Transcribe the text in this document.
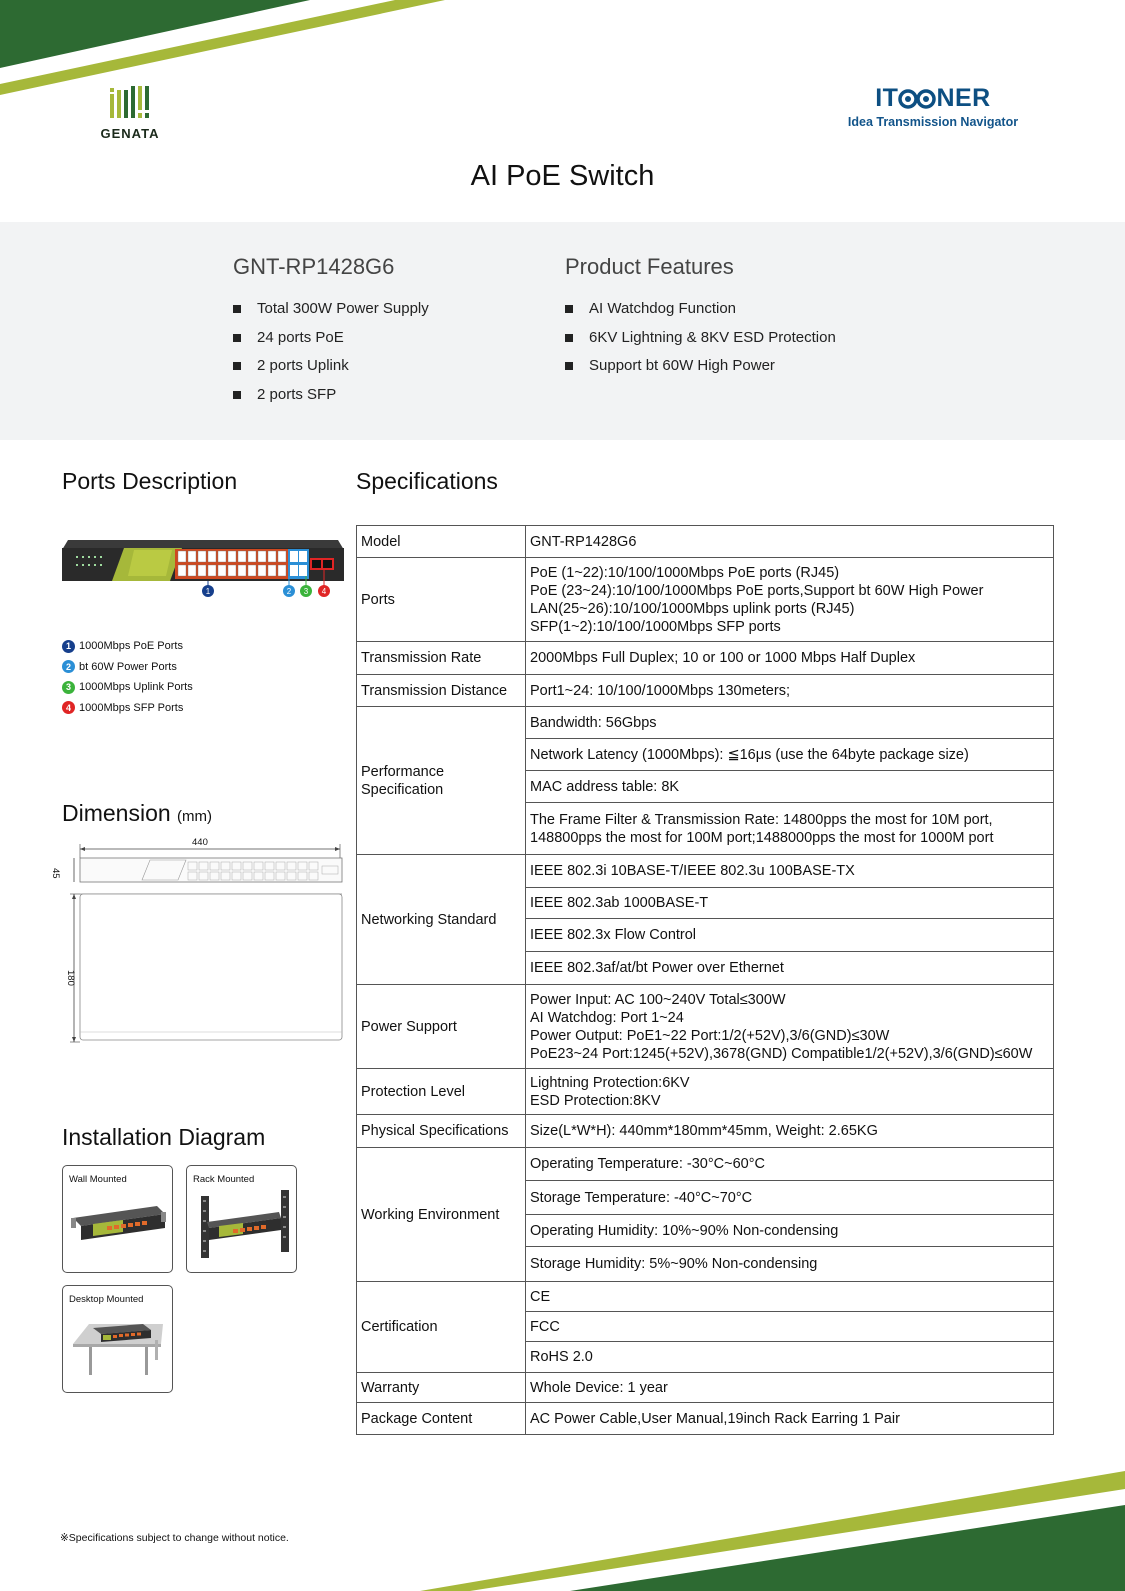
GENATA
IT NER
Idea Transmission Navigator
AI PoE Switch
GNT-RP1428G6
Total 300W Power Supply
24 ports PoE
2 ports Uplink
2 ports SFP
Product Features
AI Watchdog Function
6KV Lightning & 8KV ESD Protection
Support bt 60W High Power
Ports Description
1	2 3 4
1 1000Mbps PoE Ports
2 bt 60W Power Ports
3 1000Mbps Uplink Ports
4 1000Mbps SFP Ports
Dimension (mm)
440
45
180
Installation Diagram
Wall Mounted	Rack Mounted
Desktop Mounted
Specifications
Model	GNT-RP1428G6
Ports	PoE (1~22):10/100/1000Mbps PoE ports (RJ45)
PoE (23~24):10/100/1000Mbps PoE ports,Support bt 60W High Power
LAN(25~26):10/100/1000Mbps uplink ports (RJ45)
SFP(1~2):10/100/1000Mbps SFP ports

Transmission Rate	2000Mbps Full Duplex; 10 or 100 or 1000 Mbps Half Duplex
Transmission Distance	Port1~24: 10/100/1000Mbps 130meters;
Performance Specification	Bandwidth: 56Gbps
	Network Latency (1000Mbps): ≦16μs (use the 64byte package size)
	MAC address table: 8K

	The Frame Filter & Transmission Rate: 14800pps the most for 10M port,
148800pps the most for 100M port;1488000pps the most for 1000M port

Networking Standard	IEEE 802.3i 10BASE-T/IEEE 802.3u 100BASE-TX
	IEEE 802.3ab 1000BASE-T
	IEEE 802.3x Flow Control
	IEEE 802.3af/at/bt Power over Ethernet
Power Support	Power Input: AC 100~240V Total≤300W
AI Watchdog: Port 1~24
Power Output: PoE1~22 Port:1/2(+52V),3/6(GND)≤30W
PoE23~24 Port:1245(+52V),3678(GND) Compatible1/2(+52V),3/6(GND)≤60W

Protection Level	Lightning Protection:6KV
ESD Protection:8KV

Physical Specifications	Size(L*W*H): 440mm*180mm*45mm, Weight: 2.65KG
Working Environment	Operating Temperature: -30°C~60°C
	Storage Temperature: -40°C~70°C
	Operating Humidity: 10%~90% Non-condensing
	Storage Humidity: 5%~90% Non-condensing
Certification	CE
	FCC
	RoHS 2.0
Warranty	Whole Device: 1 year
Package Content	AC Power Cable,User Manual,19inch Rack Earring 1 Pair
※Specifications subject to change without notice.
